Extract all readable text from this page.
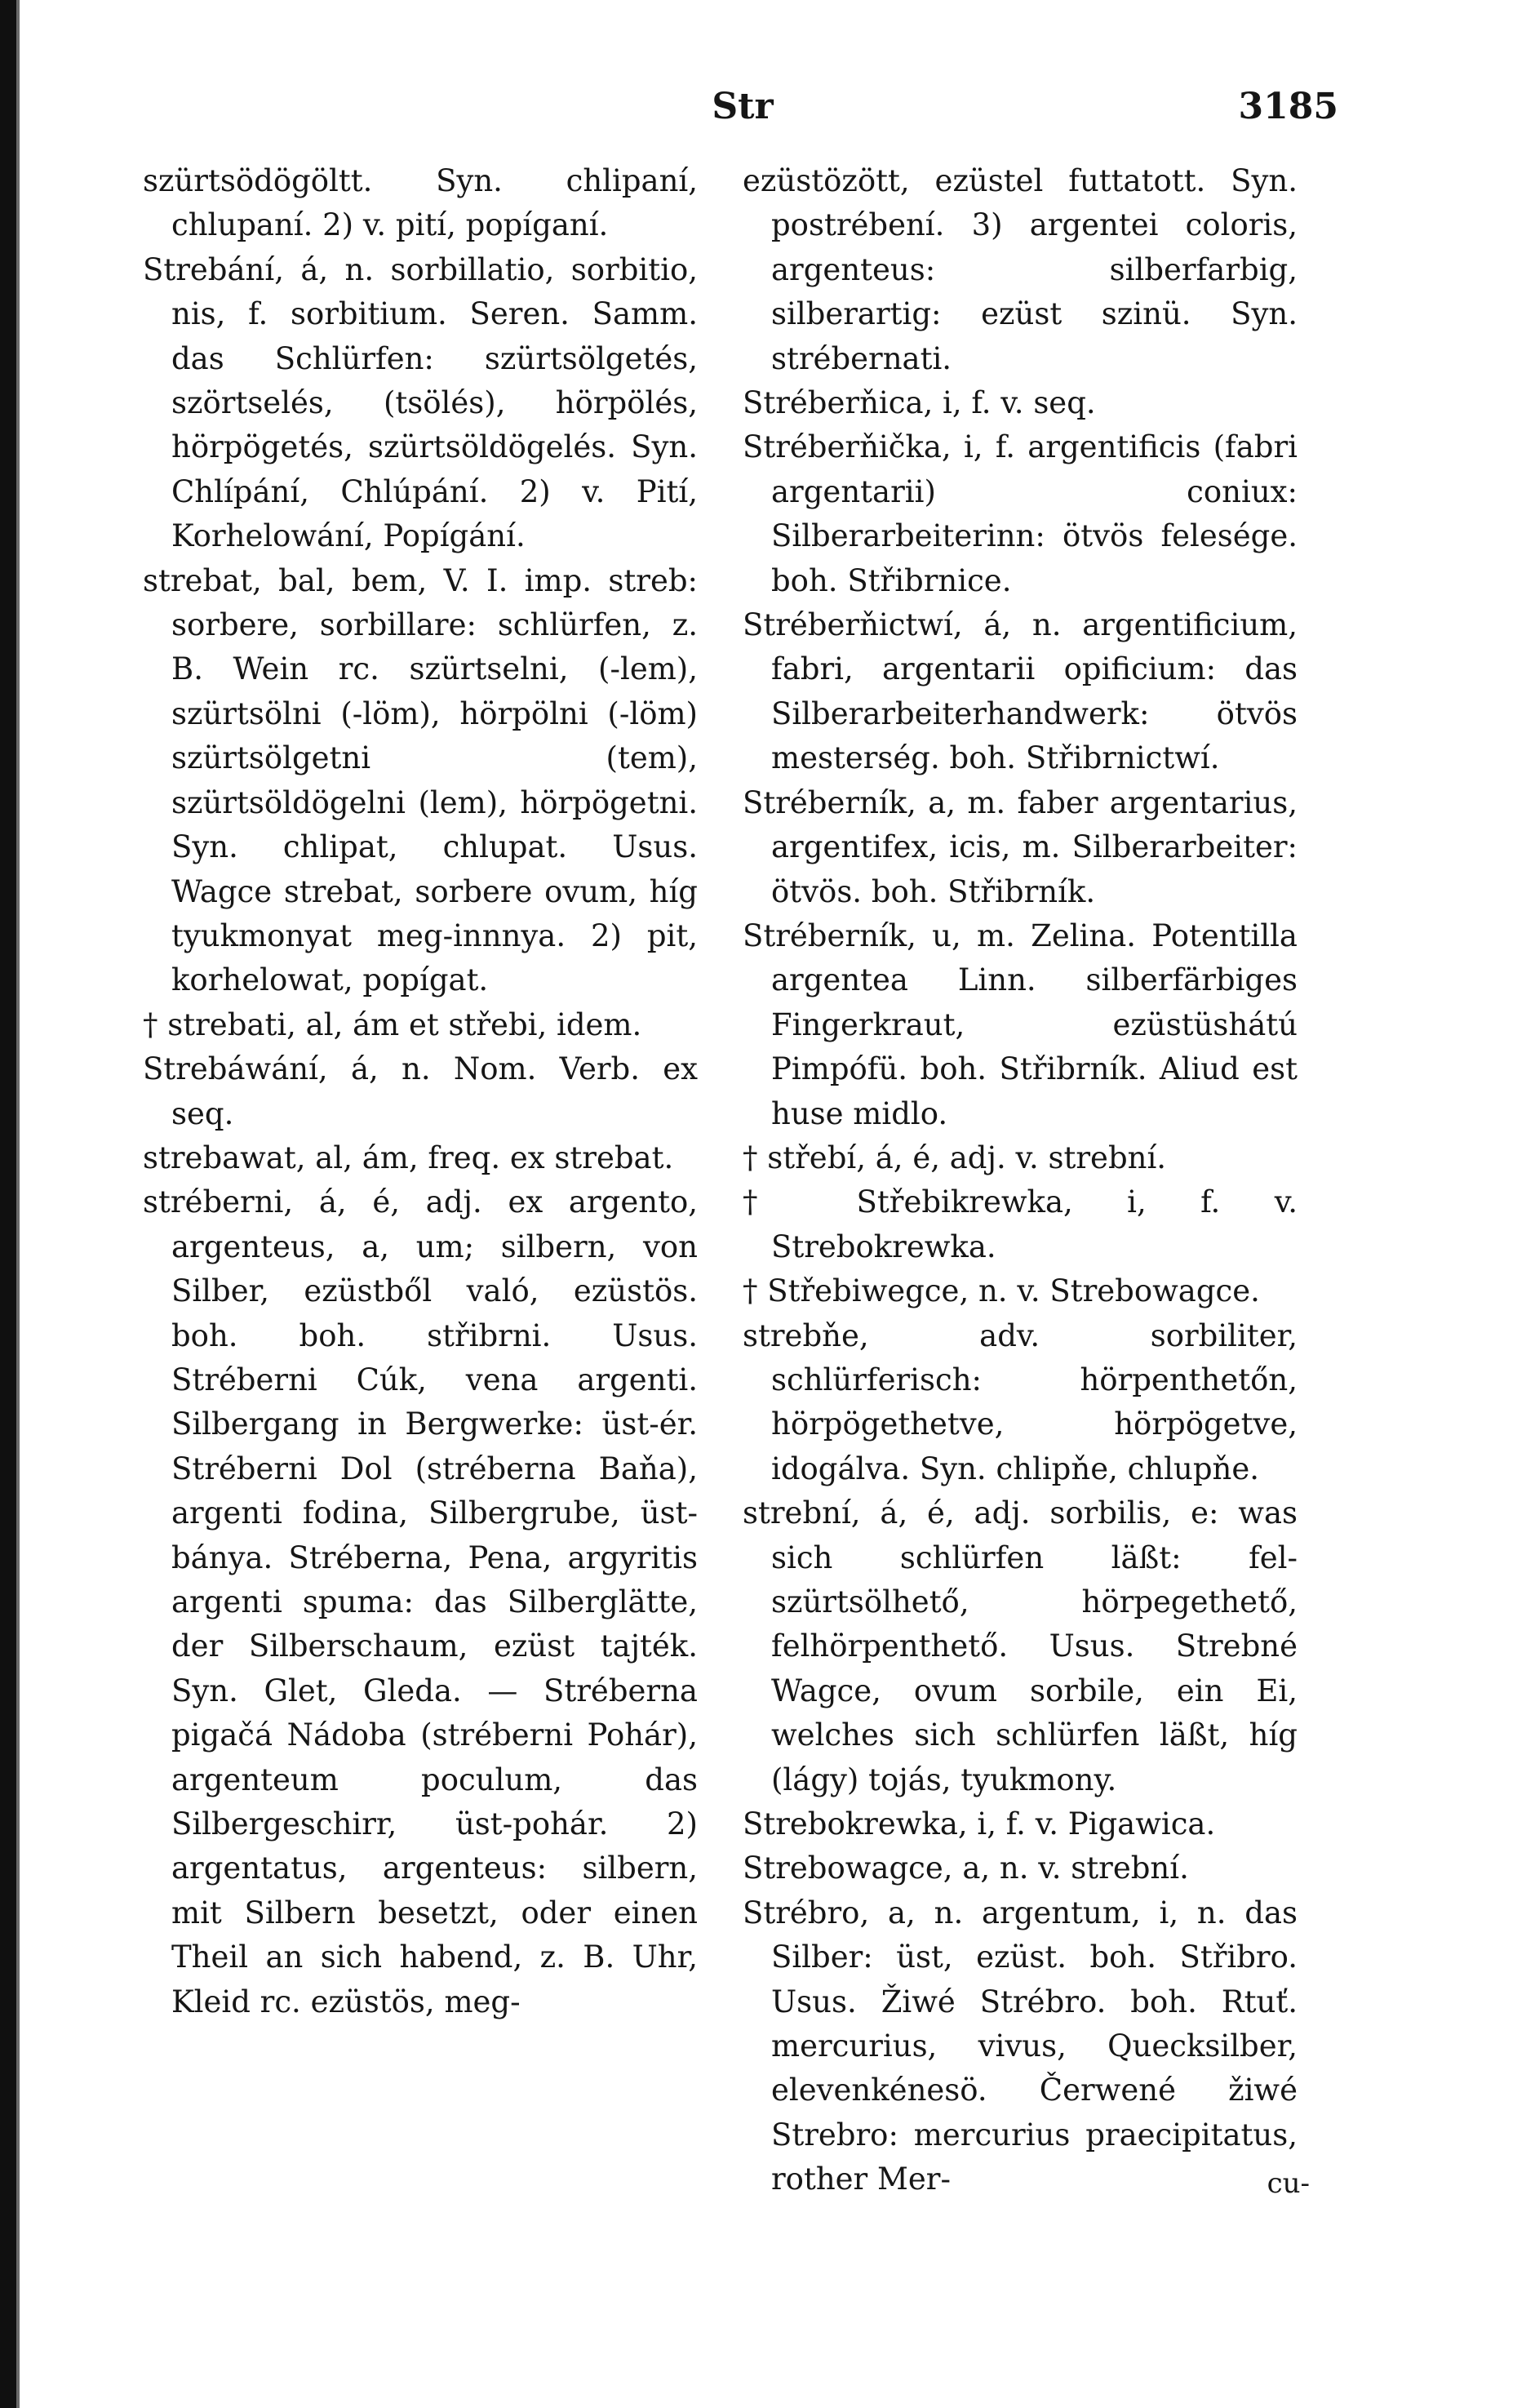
Str	3185

szürtsödögöltt. Syn. chlipaní, chlupaní. 2) v. pití, popíganí.

Strebání, á, n. sorbillatio, sorbitio, nis, f. sorbitium. Seren. Samm. das Schlürfen: szürtsölgetés, szörtselés, (tsölés), hörpölés, hörpögetés, szürtsöldögelés. Syn. Chlípání, Chlúpání. 2) v. Pití, Korhelowání, Popígání.

strebat, bal, bem, V. I. imp. streb: sorbere, sorbillare: schlürfen, z. B. Wein rc. szürtselni, (-lem), szürtsölni (-löm), hörpölni (-löm) szürtsölgetni (tem), szürtsöldögelni (lem), hörpögetni. Syn. chlipat, chlupat. Usus. Wagce strebat, sorbere ovum, híg tyukmonyat meg-innnya. 2) pit, korhelowat, popígat.

† strebati, al, ám et střebi, idem.

Strebáwání, á, n. Nom. Verb. ex seq.

strebawat, al, ám, freq. ex strebat.

stréberni, á, é, adj. ex argento, argenteus, a, um; silbern, von Silber, ezüstből való, ezüstös. boh. boh. střibrni. Usus. Stréberni Cúk, vena argenti. Silbergang in Bergwerke: üst-ér. Stréberni Dol (stréberna Baňa), argenti fodina, Silbergrube, üst-bánya. Stréberna, Pena, argyritis argenti spuma: das Silberglätte, der Silberschaum, ezüst tajték. Syn. Glet, Gleda. — Stréberna pigačá Nádoba (stréberni Pohár), argenteum poculum, das Silbergeschirr, üst-pohár. 2) argentatus, argenteus: silbern, mit Silbern besetzt, oder einen Theil an sich habend, z. B. Uhr, Kleid rc. ezüstös, meg-

ezüstözött, ezüstel futtatott. Syn. postrébení. 3) argentei coloris, argenteus: silberfarbig, silberartig: ezüst szinü. Syn. strébernati.

Stréberňica, i, f. v. seq.

Stréberňička, i, f. argentificis (fabri argentarii) coniux: Silberarbeiterinn: ötvös felesége. boh. Střibrnice.

Stréberňictwí, á, n. argentificium, fabri, argentarii opificium: das Silberarbeiterhandwerk: ötvös mesterség. boh. Střibrnictwí.

Stréberník, a, m. faber argentarius, argentifex, icis, m. Silberarbeiter: ötvös. boh. Střibrník.

Stréberník, u, m. Zelina. Potentilla argentea Linn. silberfärbiges Fingerkraut, ezüstüshátú Pimpófü. boh. Střibrník. Aliud est huse midlo.

† střebí, á, é, adj. v. strební.

† Střebikrewka, i, f. v. Strebokrewka.

† Střebiwegce, n. v. Strebowagce.

strebňe, adv. sorbiliter, schlürferisch: hörpenthetőn, hörpögethetve, hörpögetve, idogálva. Syn. chlipňe, chlupňe.

strební, á, é, adj. sorbilis, e: was sich schlürfen läßt: fel-szürtsölhető, hörpegethető, felhörpenthető. Usus. Strebné Wagce, ovum sorbile, ein Ei, welches sich schlürfen läßt, híg (lágy) tojás, tyukmony.

Strebokrewka, i, f. v. Pigawica.

Strebowagce, a, n. v. strební.

Strébro, a, n. argentum, i, n. das Silber: üst, ezüst. boh. Střibro. Usus. Žiwé Strébro. boh. Rtuť. mercurius, vivus, Quecksilber, elevenkénesö. Čerwené žiwé Strebro: mercurius praecipitatus, rother Mer-	cu-
